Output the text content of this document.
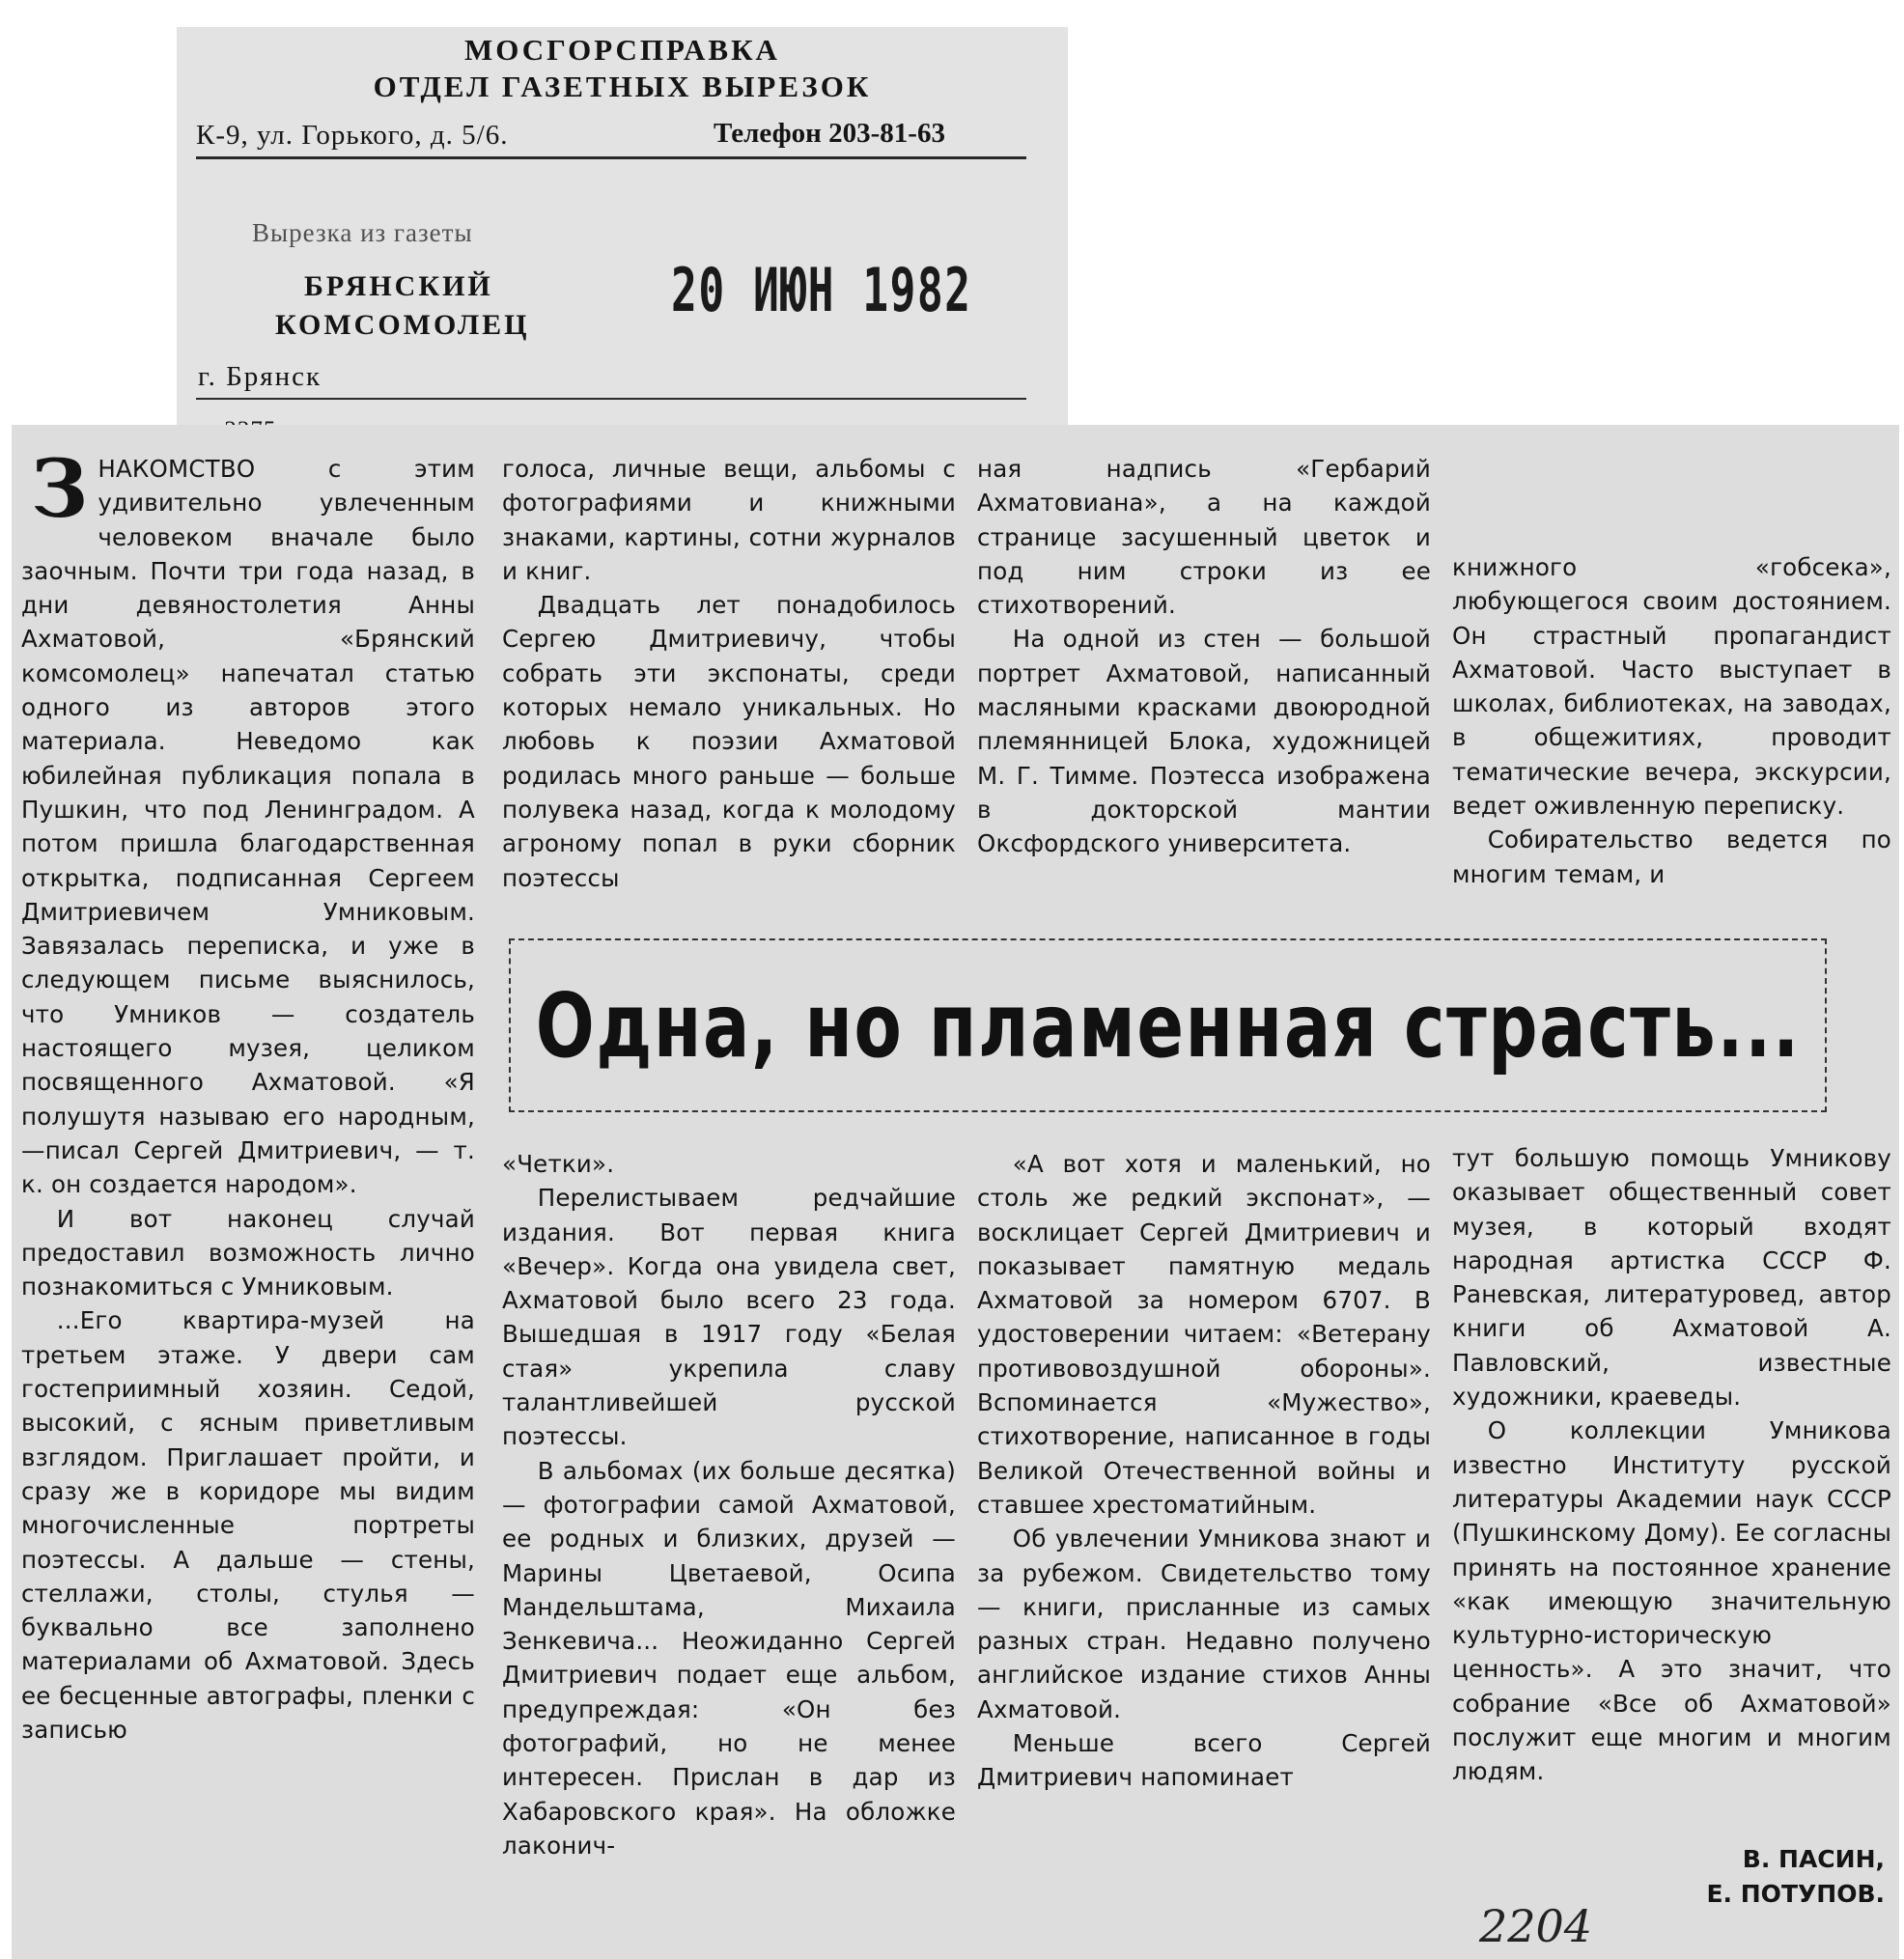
МОСГОРСПРАВКА
ОТДЕЛ ГАЗЕТНЫХ ВЫРЕЗОК
К-9, ул. Горького, д. 5/6.	Телефон 203-81-63
Вырезка из газеты
БРЯНСКИЙ
КОМСОМОЛЕЦ 20 ИЮН 1982
г. Брянск

ЗНАКОМСТВО с этим удивительно увлеченным человеком вначале было заочным. Почти три года назад, в дни девяностолетия Анны Ахматовой, «Брянский комсомолец» напечатал статью одного из авторов этого материала. Неведомо как юбилейная публикация попала в Пушкин, что под Ленинградом. А потом пришла благодарственная открытка, подписанная Сергеем Дмитриевичем Умниковым. Завязалась переписка, и уже в следующем письме выяснилось, что Умников — создатель настоящего музея, целиком посвященного Ахматовой. «Я полушутя называю его народным,—писал Сергей Дмитриевич, — т. к. он создается народом».

И вот наконец случай предоставил возможность лично познакомиться с Умниковым.

...Его квартира-музей на третьем этаже. У двери сам гостеприимный хозяин. Седой, высокий, с ясным приветливым взглядом. Приглашает пройти, и сразу же в коридоре мы видим многочисленные портреты поэтессы. А дальше — стены, стеллажи, столы, стулья — буквально все заполнено материалами об Ахматовой. Здесь ее бесценные автографы, пленки с записью

голоса, личные вещи, альбомы с фотографиями и книжными знаками, картины, сотни журналов и книг.

Двадцать лет понадобилось Сергею Дмитриевичу, чтобы собрать эти экспонаты, среди которых немало уникальных. Но любовь к поэзии Ахматовой родилась много раньше — больше полувека назад, когда к молодому агроному попал в руки сборник поэтессы

ная надпись «Гербарий Ахматовиана», а на каждой странице засушенный цветок и под ним строки из ее стихотворений.

На одной из стен — большой портрет Ахматовой, написанный масляными красками двоюродной племянницей Блока, художницей М. Г. Тимме. Поэтесса изображена в докторской мантии Оксфордского университета.

книжного «гобсека», любующегося своим достоянием. Он страстный пропагандист Ахматовой. Часто выступает в школах, библиотеках, на заводах, в общежитиях, проводит тематические вечера, экскурсии, ведет оживленную переписку.

Собирательство ведется по многим темам, и

Одна, но пламенная страсть...

«Четки».

Перелистываем редчайшие издания. Вот первая книга «Вечер». Когда она увидела свет, Ахматовой было всего 23 года. Вышедшая в 1917 году «Белая стая» укрепила славу талантливейшей русской поэтессы.

В альбомах (их больше десятка) — фотографии самой Ахматовой, ее родных и близких, друзей — Марины Цветаевой, Осипа Мандельштама, Михаила Зенкевича... Неожиданно Сергей Дмитриевич подает еще альбом, предупреждая: «Он без фотографий, но не менее интересен. Прислан в дар из Хабаровского края». На обложке лаконич-

«А вот хотя и маленький, но столь же редкий экспонат», — восклицает Сергей Дмитриевич и показывает памятную медаль Ахматовой за номером 6707. В удостоверении читаем: «Ветерану противовоздушной обороны». Вспоминается «Мужество», стихотворение, написанное в годы Великой Отечественной войны и ставшее хрестоматийным.

Об увлечении Умникова знают и за рубежом. Свидетельство тому — книги, присланные из самых разных стран. Недавно получено английское издание стихов Анны Ахматовой.

Меньше всего Сергей Дмитриевич напоминает

тут большую помощь Умникову оказывает общественный совет музея, в который входят народная артистка СССР Ф. Раневская, литературовед, автор книги об Ахматовой А. Павловский, известные художники, краеведы.

О коллекции Умникова известно Институту русской литературы Академии наук СССР (Пушкинскому Дому). Ее согласны принять на постоянное хранение «как имеющую значительную культурно-историческую ценность». А это значит, что собрание «Все об Ахматовой» послужит еще многим и многим людям.

В. ПАСИН,
Е. ПОТУПОВ.
2204
